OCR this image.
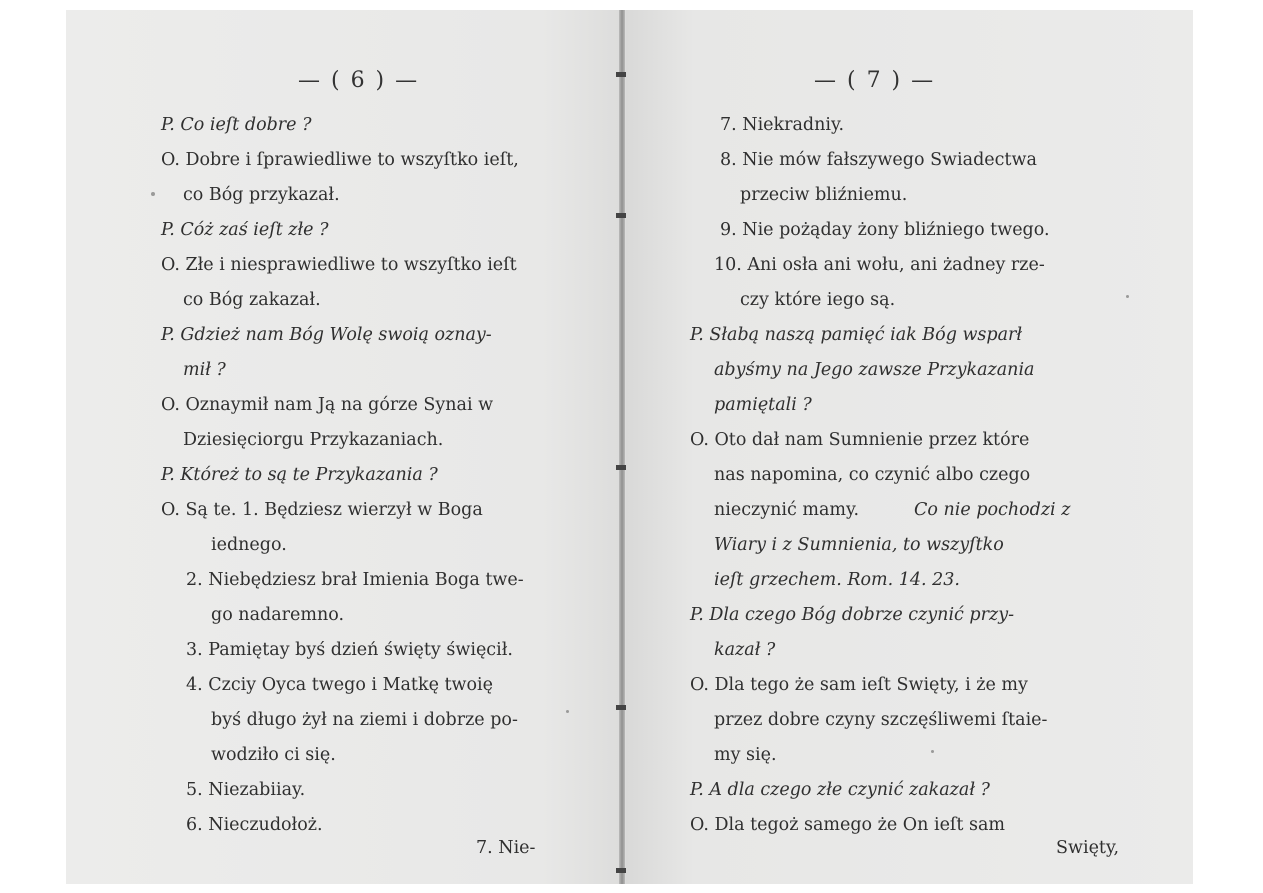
— ( 6 ) —
P. Co ieſt dobre ?
O. Dobre i ſprawiedliwe to wszyſtko ieſt,
co Bóg przykazał.
P. Cóż zaś ieſt złe ?
O. Złe i niesprawiedliwe to wszyſtko ieſt
co Bóg zakazał.
P. Gdzież nam Bóg Wolę swoią oznay-
mił ?
O. Oznaymił nam Ją na górze Synai w
Dziesięciorgu Przykazaniach.
P. Któreż to są te Przykazania ?
O. Są te. 1. Będziesz wierzył w Boga
iednego.
2. Niebędziesz brał Imienia Boga twe-
go nadaremno.
3. Pamiętay byś dzień święty święcił.
4. Czciy Oyca twego i Matkę twoię
byś długo żył na ziemi i dobrze po-
wodziło ci się.
5. Niezabiiay.
6. Nieczudołoż.
7. Nie-
— ( 7 ) —
7. Niekradniy.
8. Nie mów fałszywego Swiadectwa
przeciw bliźniemu.
9. Nie pożąday żony bliźniego twego.
10. Ani osła ani wołu, ani żadney rze-
czy które iego są.
P. Słabą naszą pamięć iak Bóg wsparł
abyśmy na Jego zawsze Przykazania
pamiętali ?
O. Oto dał nam Sumnienie przez które
nas napomina, co czynić albo czego
nieczynić mamy.	Co nie pochodzi z
Wiary i z Sumnienia, to wszyſtko
ieſt grzechem. Rom. 14. 23.
P. Dla czego Bóg dobrze czynić przy-
kazał ?
O. Dla tego że sam ieſt Swięty, i że my
przez dobre czyny szczęśliwemi ſtaie-
my się.
P. A dla czego złe czynić zakazał ?
O. Dla tegoż samego że On ieſt sam
Swięty,
